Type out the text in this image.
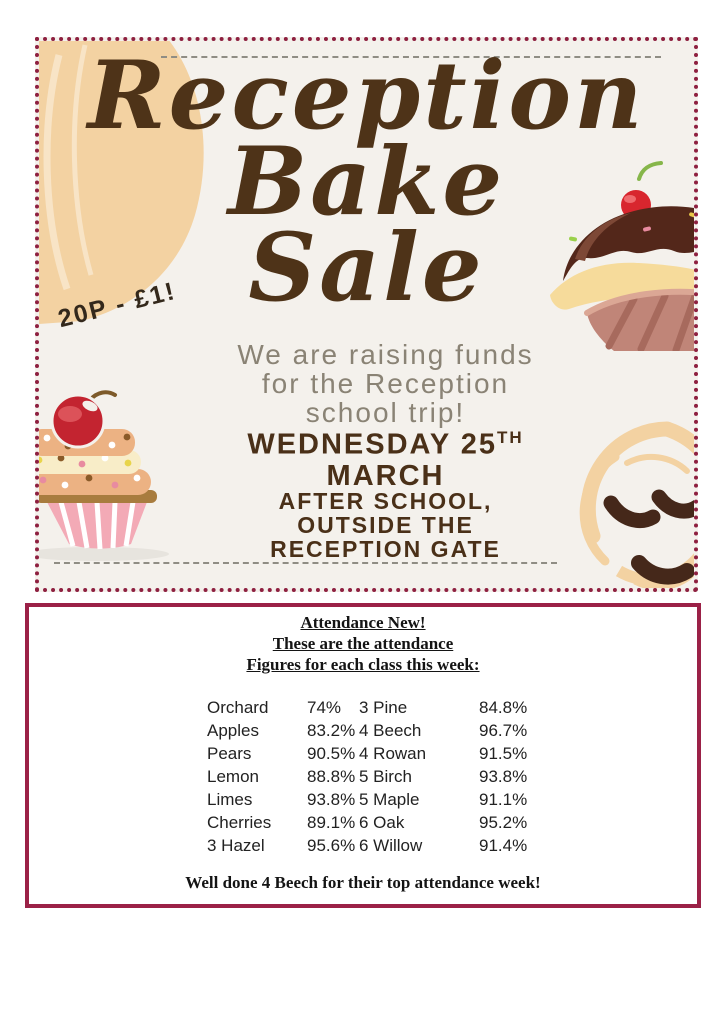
Reception
Bake
Sale
20P - £1!
We are raising funds
for the Reception
school trip!
WEDNESDAY 25TH
MARCH
AFTER SCHOOL,
OUTSIDE THE
RECEPTION GATE
Attendance New!
These are the attendance
Figures for each class this week:
Orchard	74%	3 Pine	84.8%
Apples	83.2% 4 Beech	96.7%
Pears	90.5% 4 Rowan	91.5%
Lemon	88.8% 5 Birch	93.8%
Limes	93.8% 5 Maple	91.1%
Cherries	89.1% 6 Oak	95.2%
3 Hazel	95.6% 6 Willow	91.4%
Well done 4 Beech for their top attendance week!
